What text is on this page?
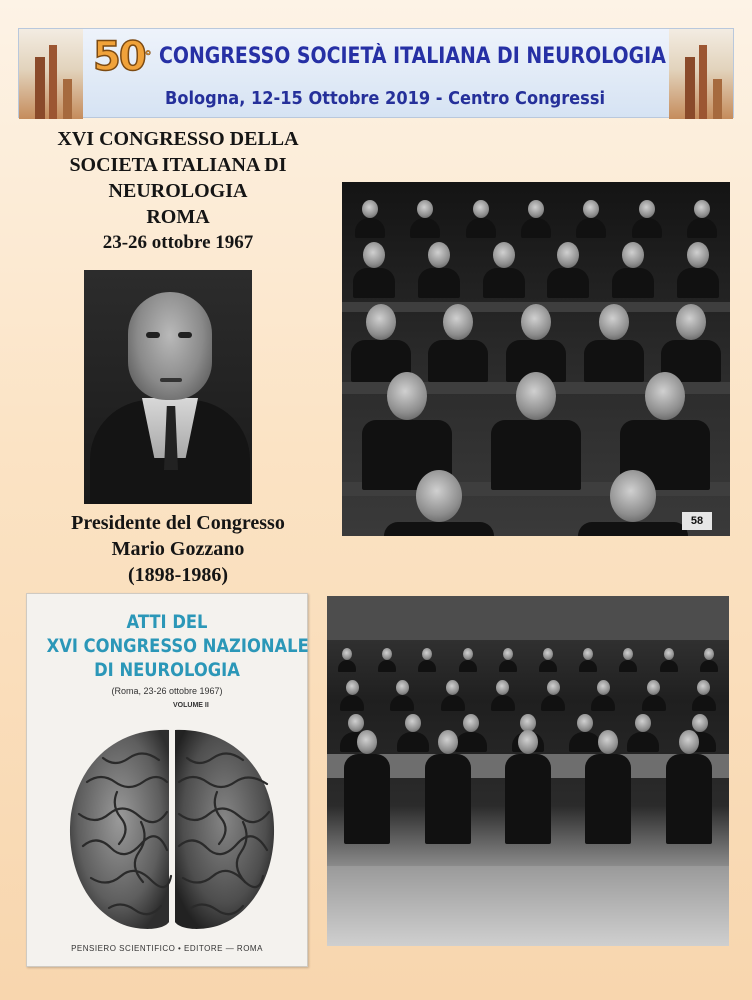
50° CONGRESSO SOCIETÀ ITALIANA DI NEUROLOGIA
Bologna, 12-15 Ottobre 2019 - Centro Congressi
XVI CONGRESSO DELLA
SOCIETA ITALIANA DI
NEUROLOGIA
ROMA
23-26 ottobre 1967
Presidente del Congresso
Mario Gozzano
(1898-1986)
58
ATTI DEL
XVI CONGRESSO NAZIONALE
DI NEUROLOGIA
(Roma, 23-26 ottobre 1967)
VOLUME II
PENSIERO SCIENTIFICO • EDITORE — ROMA
